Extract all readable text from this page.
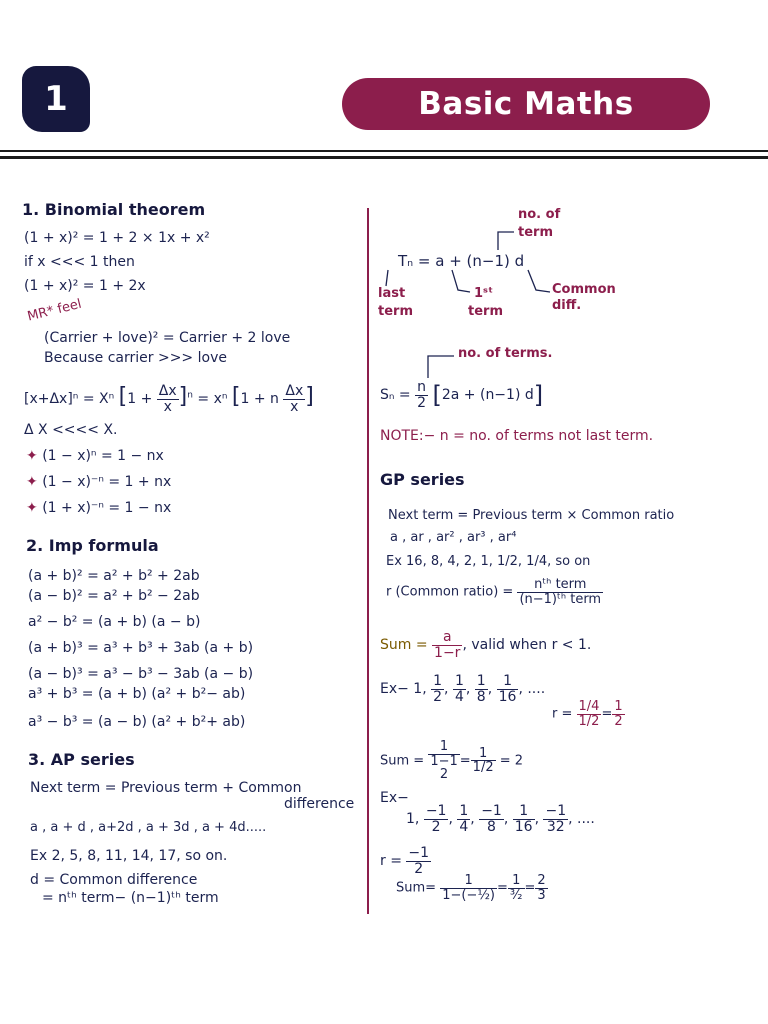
1	Basic Maths
1. Binomial theorem
(1 + x)² = 1 + 2 × 1x + x²
if x <<< 1 then
(1 + x)² = 1 + 2x
MR* feel
(Carrier + love)² = Carrier + 2 love
Because carrier >>> love
[x+Δx]ⁿ = Xⁿ $[1 + \frac{\Delta x}{x} ]^n = x^n$ [1 + n $\frac{\Delta x}{x}$ ]
Δ X <<<< X.
✦ (1 − x)ⁿ = 1 − nx
✦ (1 − x)⁻ⁿ = 1 + nx
✦ (1 + x)⁻ⁿ = 1 − nx
2. Imp formula
(a + b)² = a² + b² + 2ab
(a − b)² = a² + b² − 2ab
a² − b² = (a + b) (a − b)
(a + b)³ = a³ + b³ + 3ab (a + b)
(a − b)³ = a³ − b³ − 3ab (a − b)
a³ + b³ = (a + b) (a² + b²− ab)
a³ − b³ = (a − b) (a² + b²+ ab)
3. AP series
Next term = Previous term + Common
difference
a , a + d , a+2d , a + 3d , a + 4d.....
Ex 2, 5, 8, 11, 14, 17, so on.
d = Common difference
= nᵗʰ term− (n−1)ᵗʰ term
no. of
term
Tₙ = a + (n−1) d
last
term
1ˢᵗ
term
Common
diff.
no. of terms.
$S_n = \frac{n}{2} [2a + (n-1)$ d]
NOTE:− n = no. of terms not last term.
GP series
Next term = Previous term × Common ratio
a , ar , ar² , ar³ , ar⁴
Ex 16, 8, 4, 2, 1, 1/2, 1/4, so on
r (Common ratio) = $\frac{\text{nᵗʰ term}}{\text{(n−1)ᵗʰ term}}$
Sum = $\frac{a}{1-r}$ , valid when r < 1.
Ex− 1, $\frac{1}{2}$ , $\frac{1}{4}$ , $\frac{1}{8}$ , $\frac{1}{16}$ , ....
$r = \frac{1/4}{1/2} = \frac{1}{2}$
Sum =
1
1−1
2
= $\frac{1}{1/2} = 2$
Ex−
1, $\frac{-1}{2}$ , $\frac{1}{4}$ , $\frac{-1}{8}$ , $\frac{1}{16}$ , $\frac{-1}{32}$ , ....
$r = \frac{-1}{2}$
$Sum= \frac{1}{\text{1−(−½)}} = \frac{1}{\text{³⁄₂}} = \frac{2}{3}$
